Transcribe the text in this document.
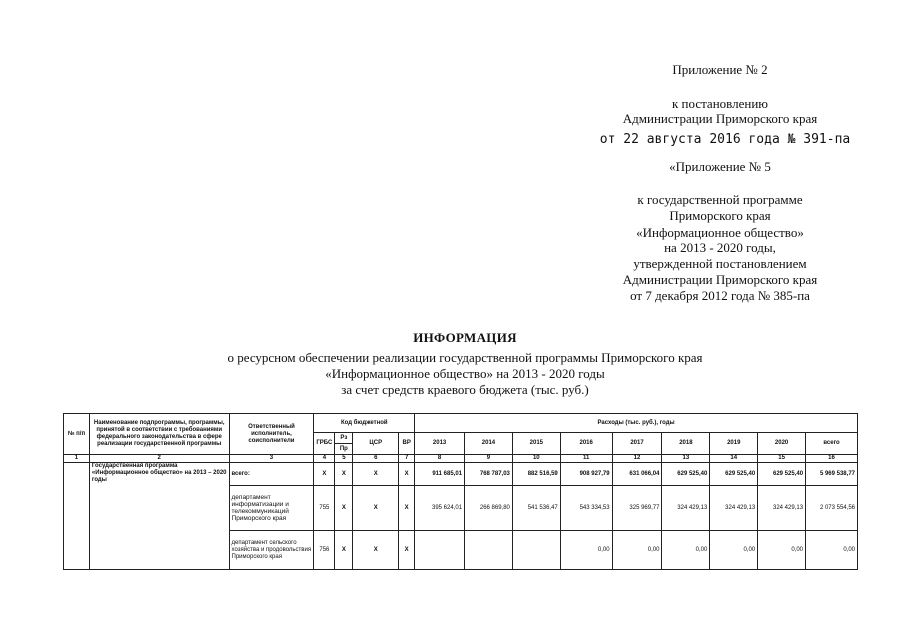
Приложение № 2
к постановлению
Администрации Приморского края
от 22 августа 2016 года № 391-па
«Приложение № 5
к государственной программе
Приморского края
«Информационное общество»
на 2013 - 2020 годы,
утвержденной постановлением
Администрации Приморского края
от 7 декабря 2012 года № 385-па
ИНФОРМАЦИЯ
о ресурсном обеспечении реализации государственной программы Приморского края
«Информационное общество» на 2013 - 2020 годы
за счет средств краевого бюджета (тыс. руб.)
№ п/п	Наименование подпрограммы, программы, принятой в соответствии с требованиями федерального законодательства в сфере реализации государственной программы	Ответственный исполнитель, соисполнители	Код бюджетной				Расходы (тыс. руб.), годы								
			ГРБС	Рз	ЦСР	ВР	2013	2014	2015	2016	2017	2018	2019	2020	всего
				Пр											
1	2	3	4	5	6	7	8	9	10	11	12	13	14	15	16
	Государственная программа «Информационное общество» на 2013 – 2020 годы	всего:	Х	Х	Х	Х	911 685,01	768 787,03	882 516,59	908 927,79	631 066,04	629 525,40	629 525,40	629 525,40	5 969 538,77
		департамент информатизации и телекоммуникаций Приморского края	755	Х	Х	Х	395 624,01	266 869,80	541 536,47	543 334,53	325 969,77	324 429,13	324 429,13	324 429,13	2 073 554,56
		департамент сельского хозяйства и продовольствия Приморского края	756	Х	Х	Х				0,00	0,00	0,00	0,00	0,00	0,00
